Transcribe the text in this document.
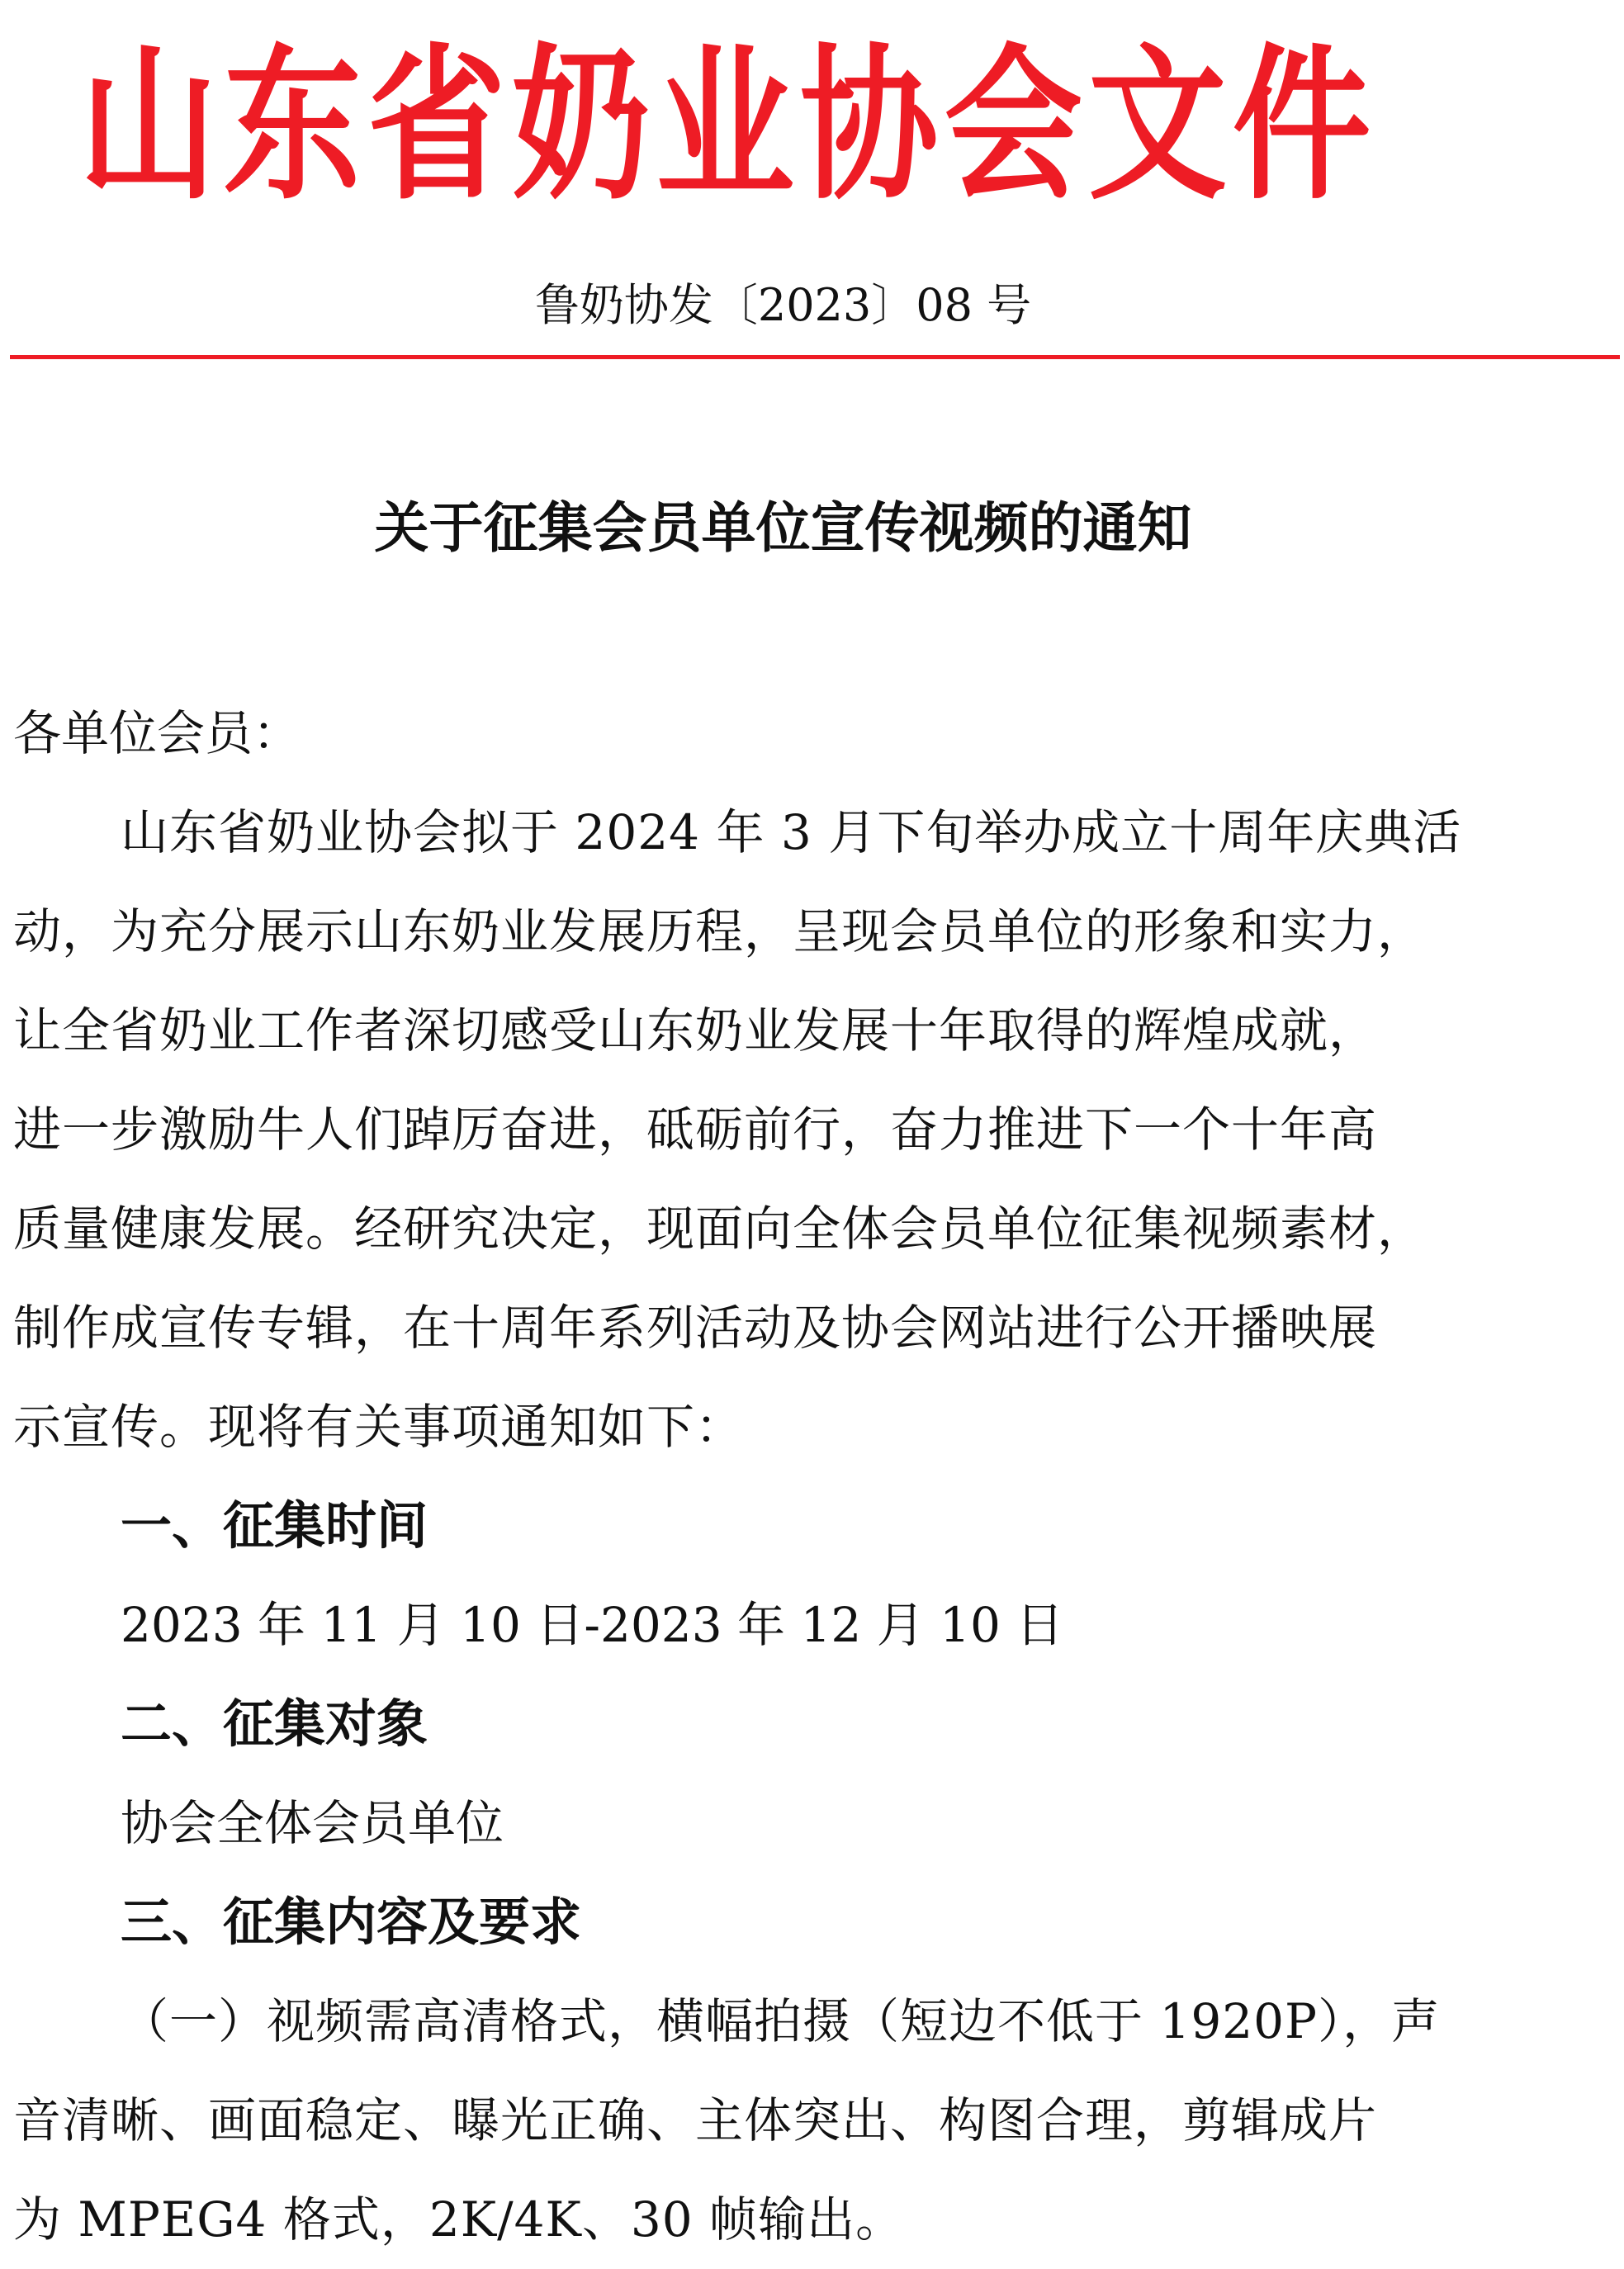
山东省奶业协会文件
鲁奶协发〔2023〕08 号
关于征集会员单位宣传视频的通知
各单位会员：
山东省奶业协会拟于 2024 年 3 月下旬举办成立十周年庆典活
动，为充分展示山东奶业发展历程，呈现会员单位的形象和实力，
让全省奶业工作者深切感受山东奶业发展十年取得的辉煌成就，
进一步激励牛人们踔厉奋进，砥砺前行，奋力推进下一个十年高
质量健康发展。经研究决定，现面向全体会员单位征集视频素材，
制作成宣传专辑，在十周年系列活动及协会网站进行公开播映展
示宣传。现将有关事项通知如下：
一、征集时间
2023 年 11 月 10 日-2023 年 12 月 10 日
二、征集对象
协会全体会员单位
三、征集内容及要求
（一）视频需高清格式，横幅拍摄（短边不低于 1920P），声
音清晰、画面稳定、曝光正确、主体突出、构图合理，剪辑成片
为 MPEG4 格式，2K/4K、30 帧输出。
